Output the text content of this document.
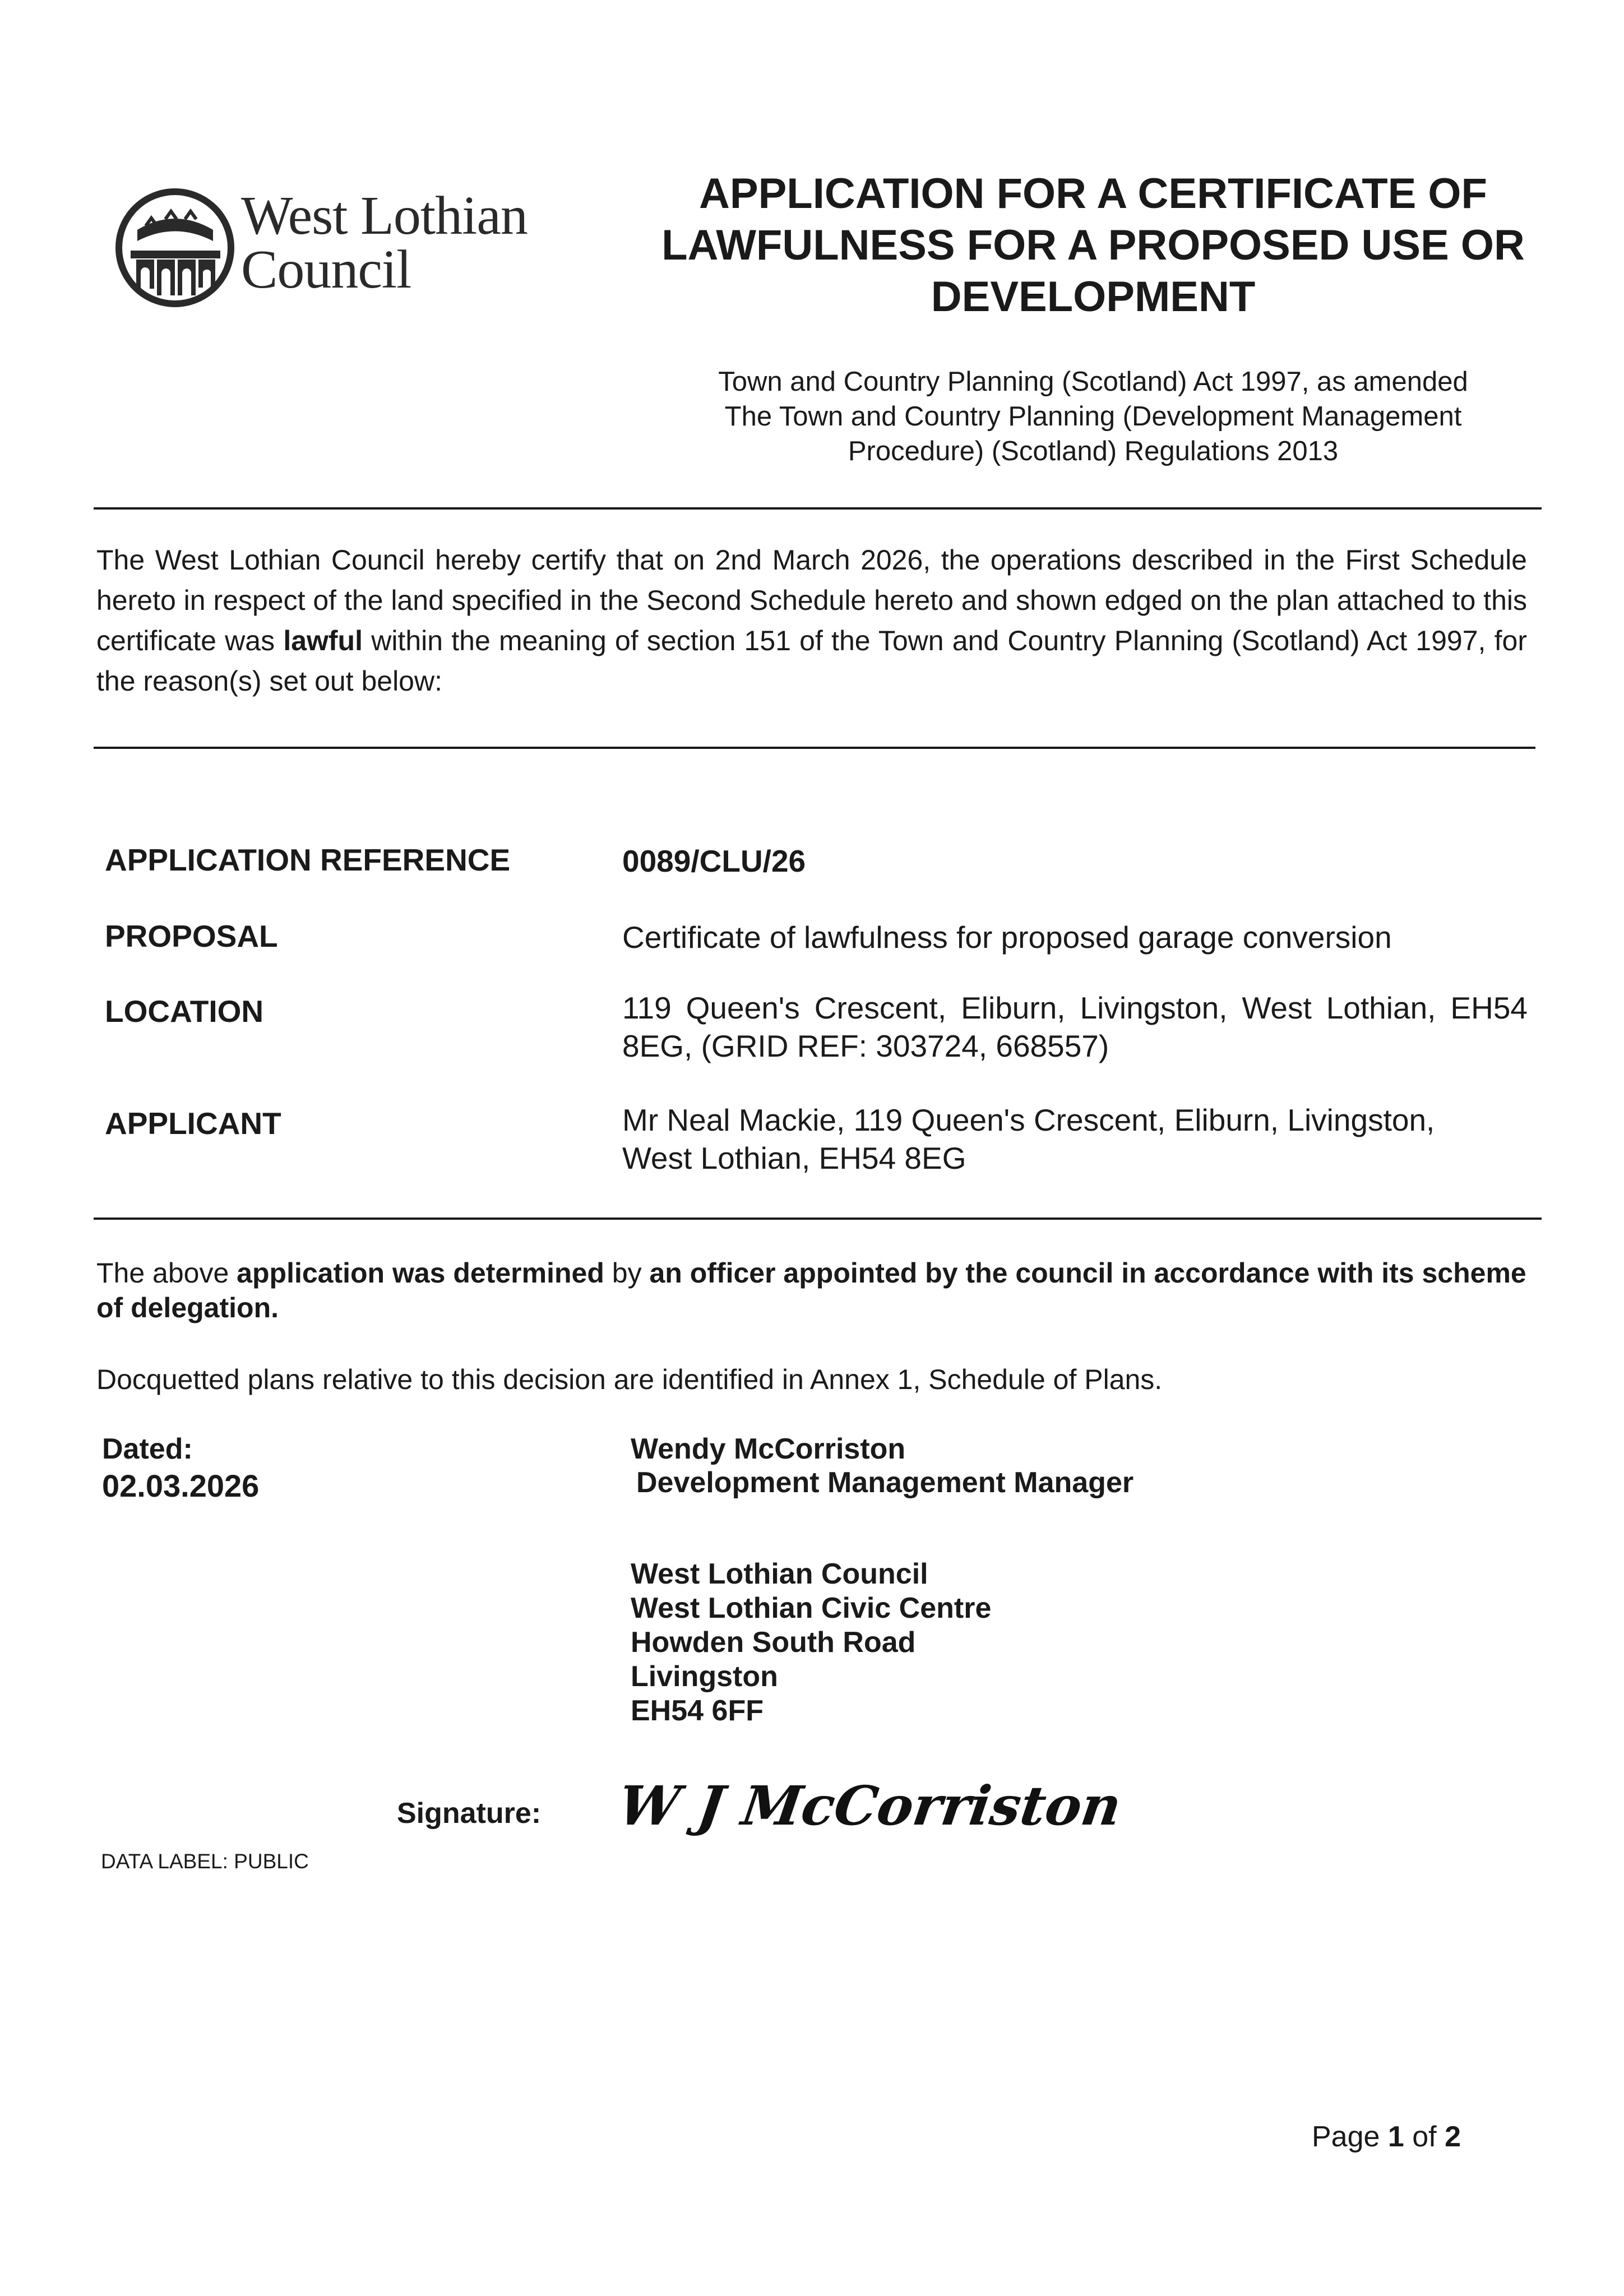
West Lothian
Council
APPLICATION FOR A CERTIFICATE OF
LAWFULNESS FOR A PROPOSED USE OR
DEVELOPMENT
Town and Country Planning (Scotland) Act 1997, as amended
The Town and Country Planning (Development Management
Procedure) (Scotland) Regulations 2013
The West Lothian Council hereby certify that on 2nd March 2026, the operations described in the First Schedule hereto in respect of the land specified in the Second Schedule hereto and shown edged on the plan attached to this certificate was lawful within the meaning of section 151 of the Town and Country Planning (Scotland) Act 1997, for the reason(s) set out below:
APPLICATION REFERENCE	0089/CLU/26
PROPOSAL	Certificate of lawfulness for proposed garage conversion
LOCATION	119 Queen's Crescent, Eliburn, Livingston, West Lothian, EH54 8EG, (GRID REF: 303724, 668557)
APPLICANT	Mr Neal Mackie, 119 Queen's Crescent, Eliburn, Livingston, West Lothian, EH54 8EG
The above application was determined by an officer appointed by the council in accordance with its scheme of delegation.
Docquetted plans relative to this decision are identified in Annex 1, Schedule of Plans.
Dated:
02.03.2026
Wendy McCorriston
Development Management Manager
West Lothian Council
West Lothian Civic Centre
Howden South Road
Livingston
EH54 6FF
Signature: W J McCorriston
DATA LABEL: PUBLIC
Page 1 of 2
